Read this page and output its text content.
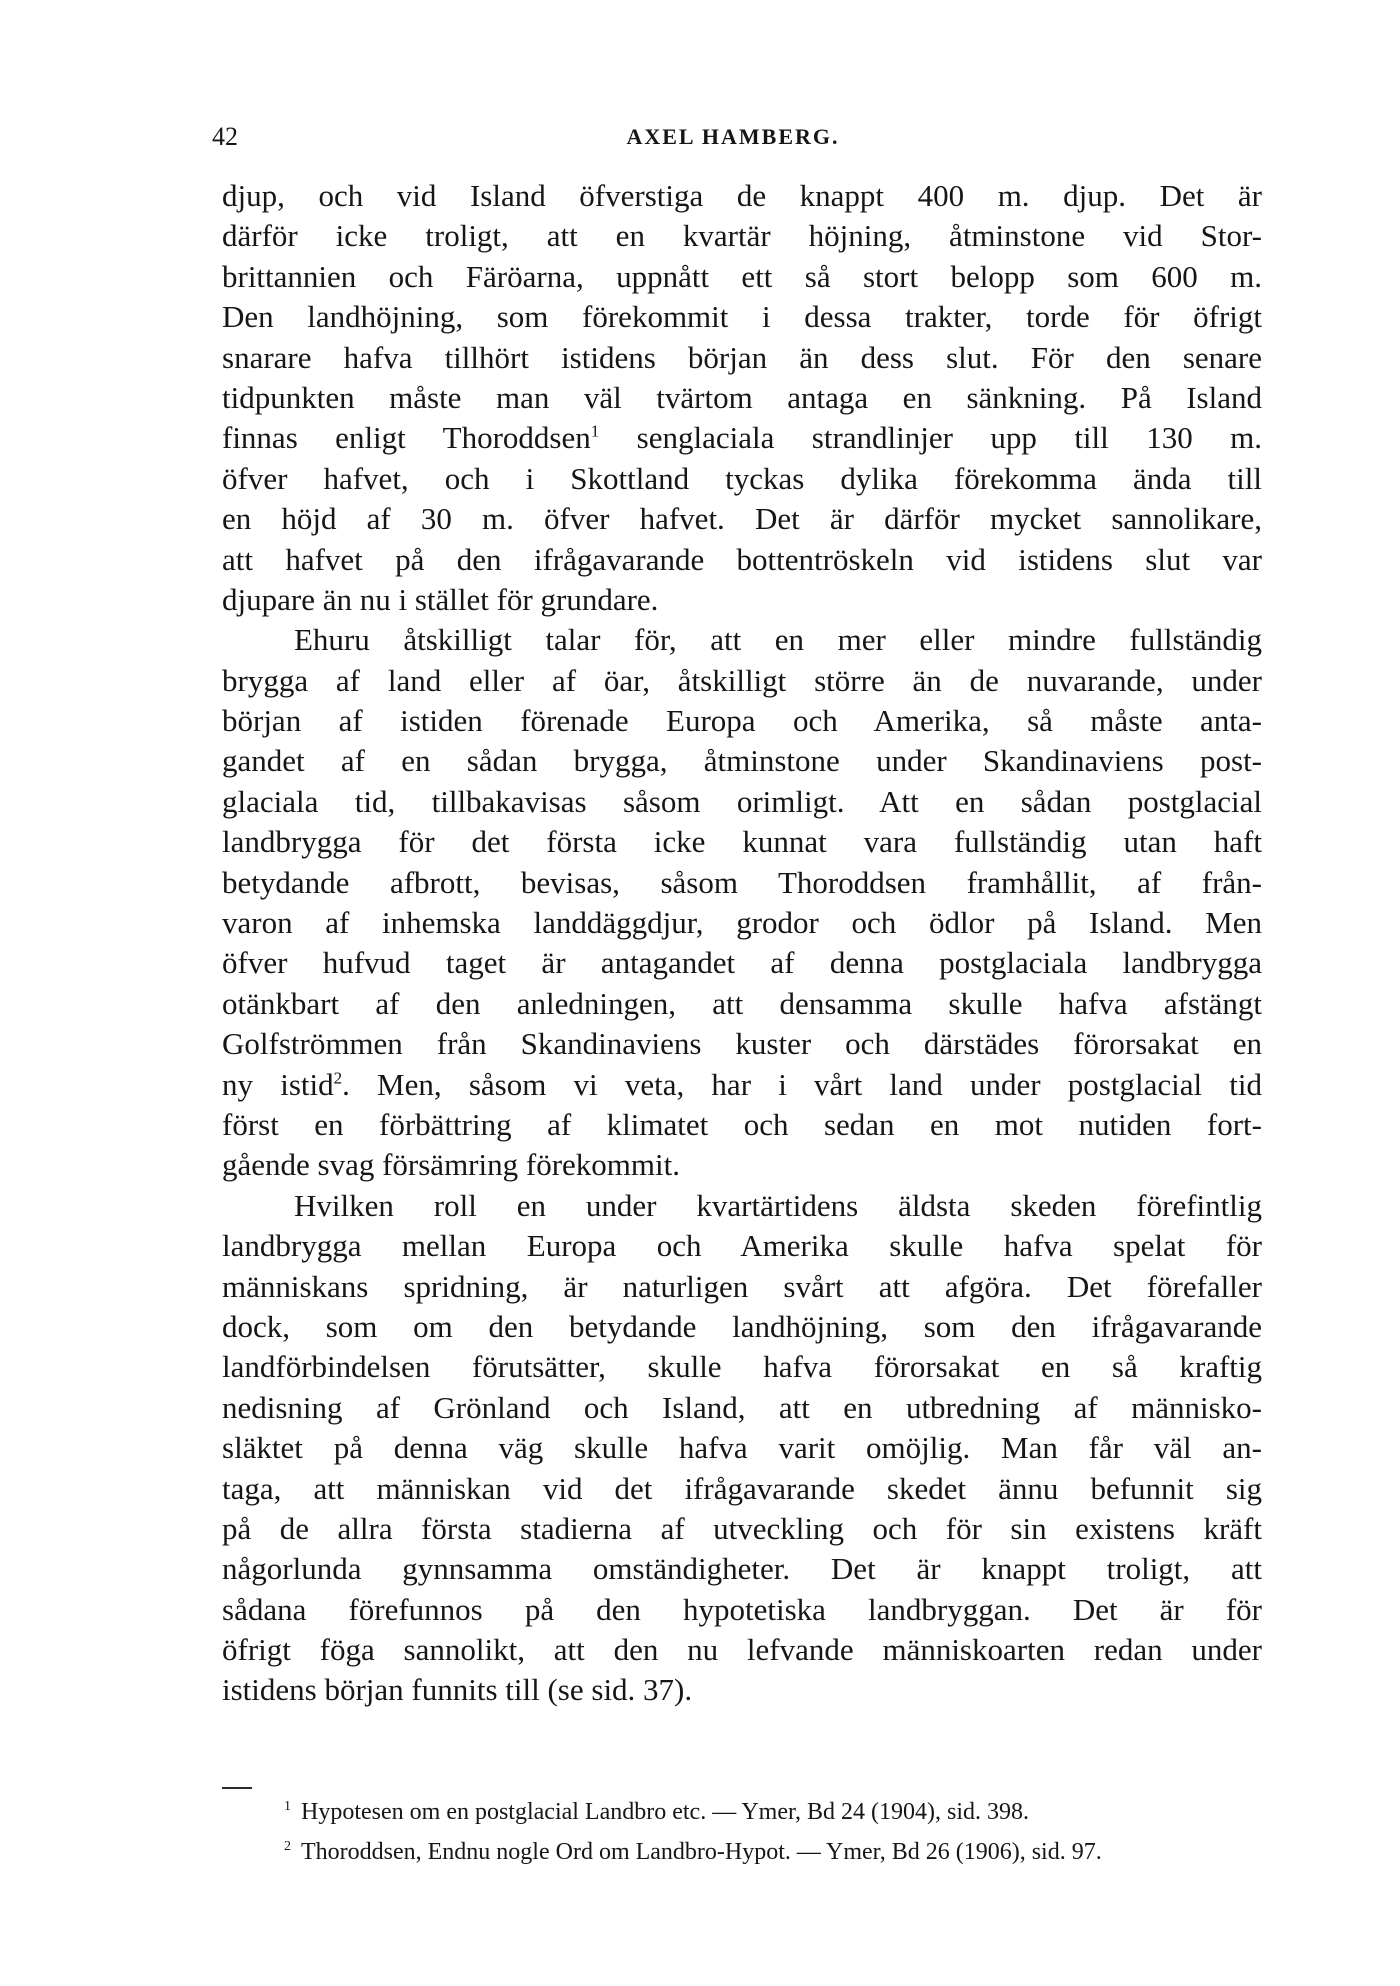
42	AXEL HAMBERG.
djup, och vid Island öfverstiga de knappt 400 m. djup. Det är
därför icke troligt, att en kvartär höjning, åtminstone vid Stor-
brittannien och Färöarna, uppnått ett så stort belopp som 600 m.
Den landhöjning, som förekommit i dessa trakter, torde för öfrigt
snarare hafva tillhört istidens början än dess slut. För den senare
tidpunkten måste man väl tvärtom antaga en sänkning. På Island
finnas enligt Thoroddsen$^1$ senglaciala strandlinjer upp till 130 m.
öfver hafvet, och i Skottland tyckas dylika förekomma ända till
en höjd af 30 m. öfver hafvet. Det är därför mycket sannolikare,
att hafvet på den ifrågavarande bottentröskeln vid istidens slut var
djupare än nu i stället för grundare.
Ehuru åtskilligt talar för, att en mer eller mindre fullständig
brygga af land eller af öar, åtskilligt större än de nuvarande, under
början af istiden förenade Europa och Amerika, så måste anta-
gandet af en sådan brygga, åtminstone under Skandinaviens post-
glaciala tid, tillbakavisas såsom orimligt. Att en sådan postglacial
landbrygga för det första icke kunnat vara fullständig utan haft
betydande afbrott, bevisas, såsom Thoroddsen framhållit, af från-
varon af inhemska landdäggdjur, grodor och ödlor på Island. Men
öfver hufvud taget är antagandet af denna postglaciala landbrygga
otänkbart af den anledningen, att densamma skulle hafva afstängt
Golfströmmen från Skandinaviens kuster och därstädes förorsakat en
ny istid$^2$. Men, såsom vi veta, har i vårt land under postglacial tid
först en förbättring af klimatet och sedan en mot nutiden fort-
gående svag försämring förekommit.
Hvilken roll en under kvartärtidens äldsta skeden förefintlig
landbrygga mellan Europa och Amerika skulle hafva spelat för
människans spridning, är naturligen svårt att afgöra. Det förefaller
dock, som om den betydande landhöjning, som den ifrågavarande
landförbindelsen förutsätter, skulle hafva förorsakat en så kraftig
nedisning af Grönland och Island, att en utbredning af människo-
släktet på denna väg skulle hafva varit omöjlig. Man får väl an-
taga, att människan vid det ifrågavarande skedet ännu befunnit sig
på de allra första stadierna af utveckling och för sin existens kräft
någorlunda gynnsamma omständigheter. Det är knappt troligt, att
sådana förefunnos på den hypotetiska landbryggan. Det är för
öfrigt föga sannolikt, att den nu lefvande människoarten redan under
istidens början funnits till (se sid. 37).
$^1$ Hypotesen om en postglacial Landbro etc. — Ymer, Bd 24 (1904), sid. 398.
$^2$ Thoroddsen, Endnu nogle Ord om Landbro-Hypot. — Ymer, Bd 26 (1906), sid. 97.
